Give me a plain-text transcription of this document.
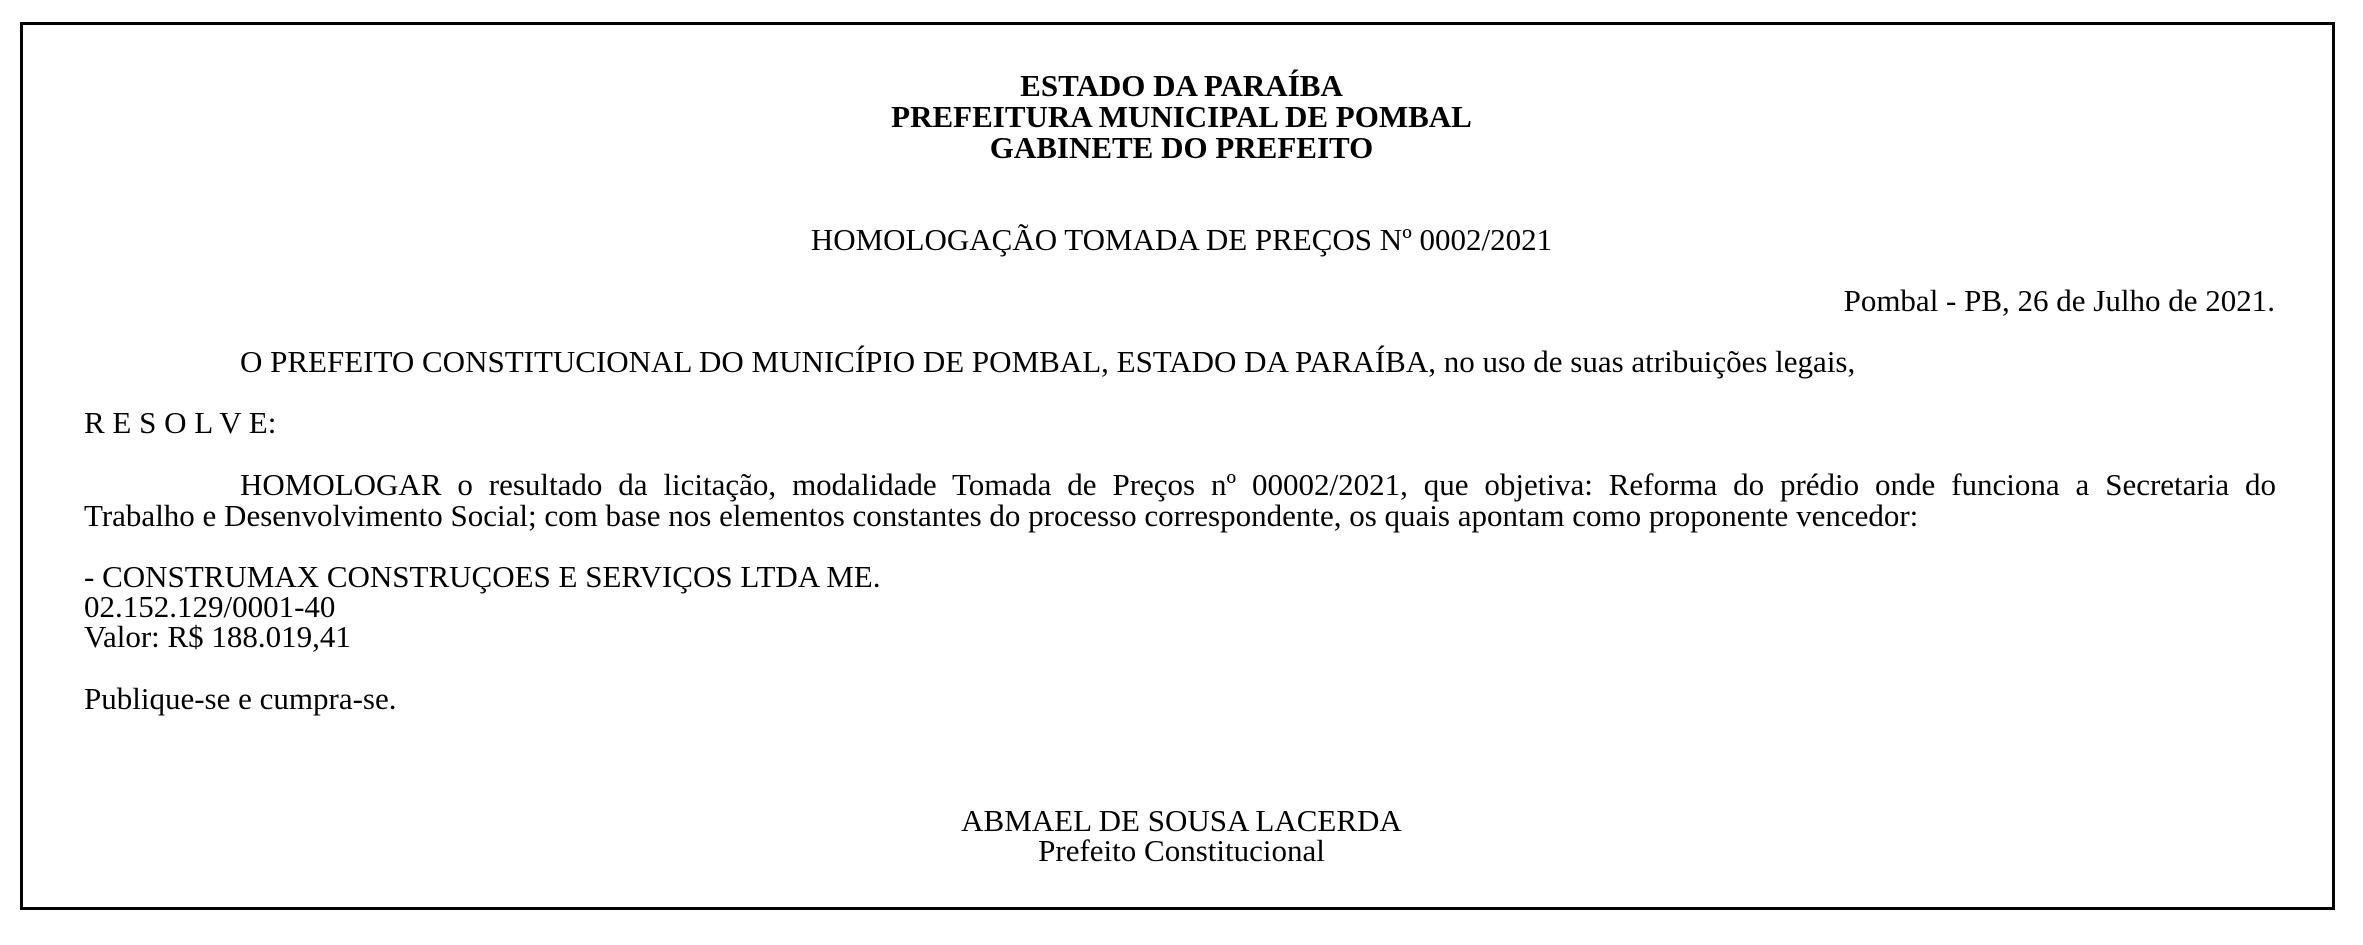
ESTADO DA PARAÍBA
PREFEITURA MUNICIPAL DE POMBAL
GABINETE DO PREFEITO
HOMOLOGAÇÃO TOMADA DE PREÇOS Nº 0002/2021
Pombal - PB, 26 de Julho de 2021.
O PREFEITO CONSTITUCIONAL DO MUNICÍPIO DE POMBAL, ESTADO DA PARAÍBA, no uso de suas atribuições legais,
R E S O L V E:
HOMOLOGAR o resultado da licitação, modalidade Tomada de Preços nº 00002/2021, que objetiva: Reforma do prédio onde funciona a Secretaria do
Trabalho e Desenvolvimento Social; com base nos elementos constantes do processo correspondente, os quais apontam como proponente vencedor:
- CONSTRUMAX CONSTRUÇOES E SERVIÇOS LTDA ME.
02.152.129/0001-40
Valor: R$ 188.019,41
Publique-se e cumpra-se.
ABMAEL DE SOUSA LACERDA
Prefeito Constitucional
